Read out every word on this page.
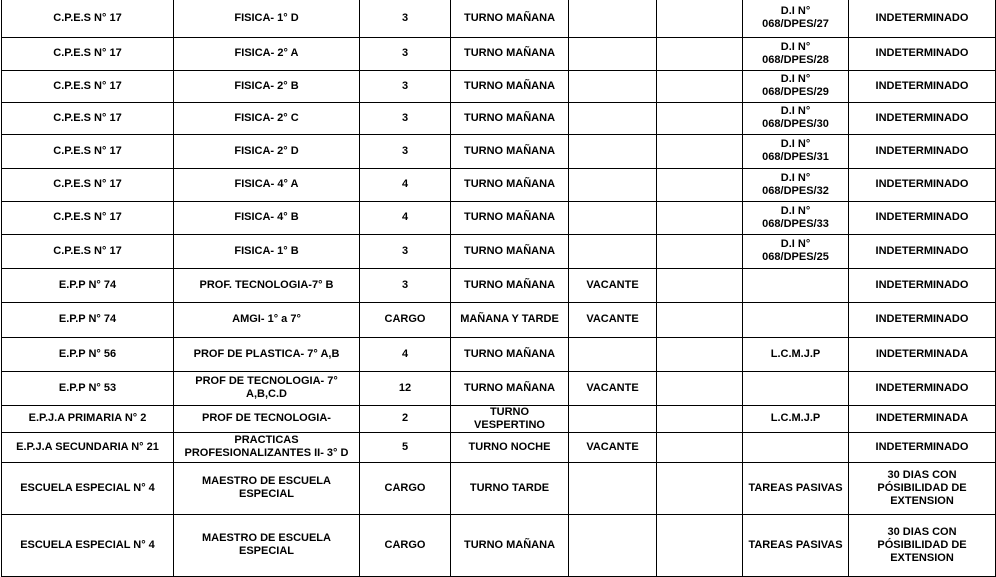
C.P.E.S N° 17	FISICA- 1° D	3	TURNO MAÑANA			D.I N° 068/DPES/27	INDETERMINADO
C.P.E.S N° 17	FISICA- 2° A	3	TURNO MAÑANA			D.I N° 068/DPES/28	INDETERMINADO
C.P.E.S N° 17	FISICA- 2° B	3	TURNO MAÑANA			D.I N° 068/DPES/29	INDETERMINADO
C.P.E.S N° 17	FISICA- 2° C	3	TURNO MAÑANA			D.I N° 068/DPES/30	INDETERMINADO
C.P.E.S N° 17	FISICA- 2° D	3	TURNO MAÑANA			D.I N° 068/DPES/31	INDETERMINADO
C.P.E.S N° 17	FISICA- 4° A	4	TURNO MAÑANA			D.I N° 068/DPES/32	INDETERMINADO
C.P.E.S N° 17	FISICA- 4° B	4	TURNO MAÑANA			D.I N° 068/DPES/33	INDETERMINADO
C.P.E.S N° 17	FISICA- 1° B	3	TURNO MAÑANA			D.I N° 068/DPES/25	INDETERMINADO
E.P.P N° 74	PROF. TECNOLOGIA-7° B	3	TURNO MAÑANA	VACANTE			INDETERMINADO
E.P.P N° 74	AMGI- 1° a 7°	CARGO	MAÑANA Y TARDE	VACANTE			INDETERMINADO
E.P.P N° 56	PROF DE PLASTICA- 7° A,B	4	TURNO MAÑANA			L.C.M.J.P	INDETERMINADA
E.P.P N° 53	PROF DE TECNOLOGIA- 7° A,B,C.D	12	TURNO MAÑANA	VACANTE			INDETERMINADO
E.P.J.A PRIMARIA N° 2	PROF DE TECNOLOGIA-	2	TURNO VESPERTINO			L.C.M.J.P	INDETERMINADA
E.P.J.A SECUNDARIA N° 21	PRACTICAS PROFESIONALIZANTES II- 3° D	5	TURNO NOCHE	VACANTE			INDETERMINADO
ESCUELA ESPECIAL N° 4	MAESTRO DE ESCUELA ESPECIAL	CARGO	TURNO TARDE			TAREAS PASIVAS	30 DIAS CON PÓSIBILIDAD DE EXTENSION
ESCUELA ESPECIAL N° 4	MAESTRO DE ESCUELA ESPECIAL	CARGO	TURNO MAÑANA			TAREAS PASIVAS	30 DIAS CON PÓSIBILIDAD DE EXTENSION
